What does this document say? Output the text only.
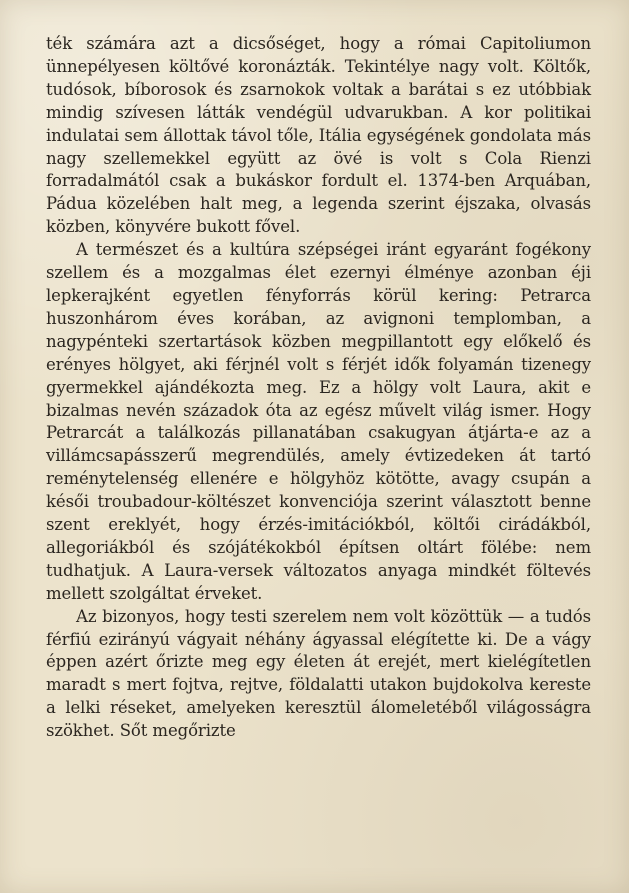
ték számára azt a dicsőséget, hogy a római Capitoliumon ünnepélyesen költővé koronázták. Tekintélye nagy volt. Költők, tudósok, bíborosok és zsarnokok voltak a barátai s ez utóbbiak mindig szívesen látták vendégül udvarukban. A kor politikai indulatai sem állottak távol tőle, Itália egységének gondolata más nagy szellemekkel együtt az övé is volt s Cola Rienzi forradalmától csak a bukáskor fordult el. 1374-ben Arquában, Pádua közelében halt meg, a legenda szerint éjszaka, olvasás közben, könyvére bukott fővel.

A természet és a kultúra szépségei iránt egyaránt fogékony szellem és a mozgalmas élet ezernyi élménye azonban éji lepkerajként egyetlen fényforrás körül kering: Petrarca huszonhárom éves korában, az avignoni templomban, a nagypénteki szertartások közben megpillantott egy előkelő és erényes hölgyet, aki férjnél volt s férjét idők folyamán tizenegy gyermekkel ajándékozta meg. Ez a hölgy volt Laura, akit e bizalmas nevén századok óta az egész művelt világ ismer. Hogy Petrarcát a találkozás pillanatában csakugyan átjárta-e az a villámcsapásszerű megrendülés, amely évtizedeken át tartó reménytelenség ellenére e hölgyhöz kötötte, avagy csupán a késői troubadour-költészet konvenciója szerint választott benne szent ereklyét, hogy érzés-imitációkból, költői cirádákból, allegoriákból és szójátékokból építsen oltárt fölébe: nem tudhatjuk. A Laura-versek változatos anyaga mindkét föltevés mellett szolgáltat érveket.

Az bizonyos, hogy testi szerelem nem volt közöttük — a tudós férfiú ezirányú vágyait néhány ágyassal elégítette ki. De a vágy éppen azért őrizte meg egy életen át erejét, mert kielégítetlen maradt s mert fojtva, rejtve, földalatti utakon bujdokolva kereste a lelki réseket, amelyeken keresztül álomeletéből világosságra szökhet. Sőt megőrizte
